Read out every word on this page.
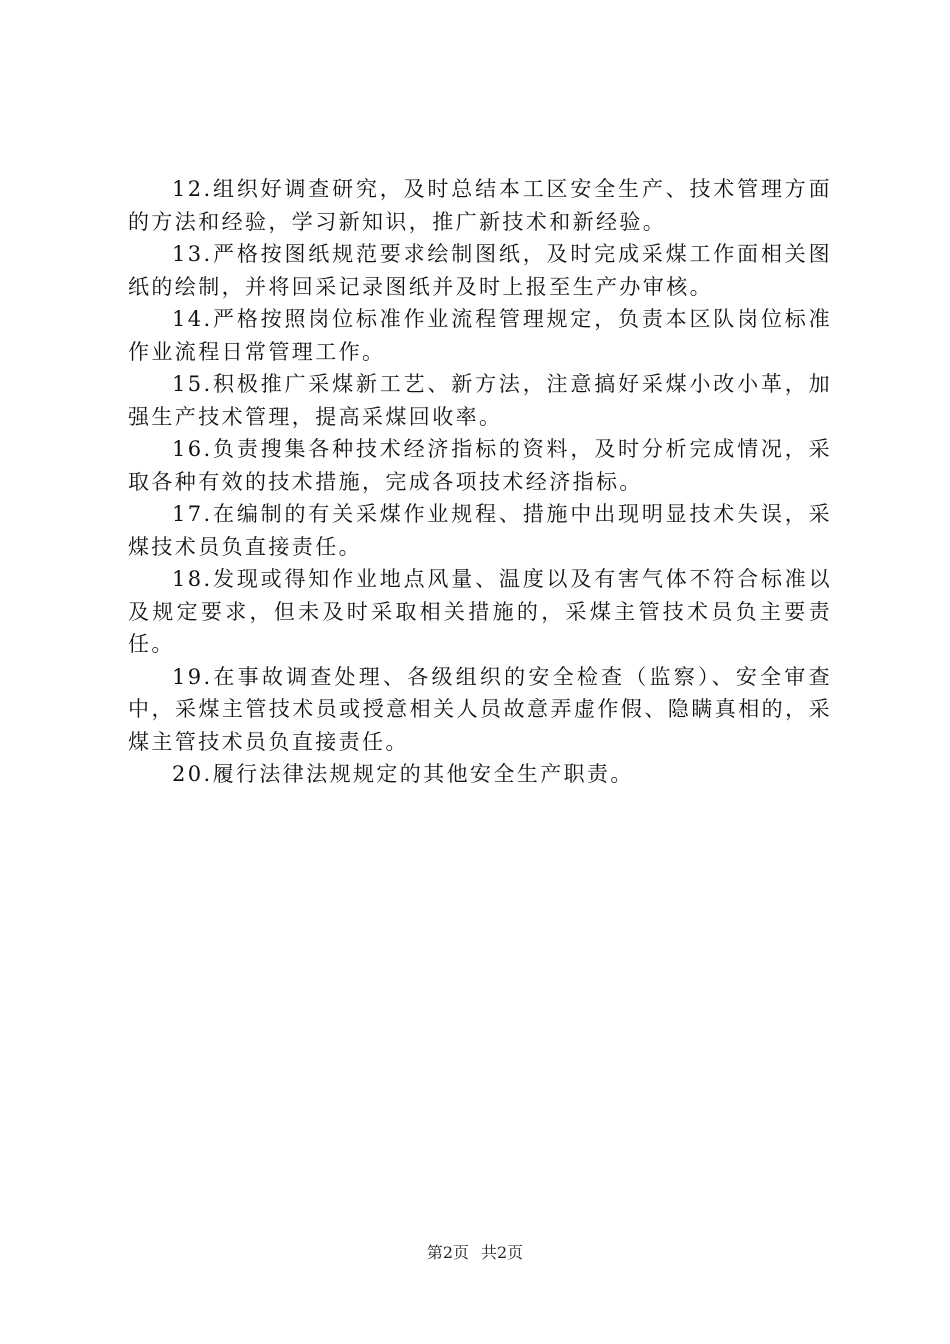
12.组织好调查研究，及时总结本工区安全生产、技术管理方面的方法和经验，学习新知识，推广新技术和新经验。

13.严格按图纸规范要求绘制图纸，及时完成采煤工作面相关图纸的绘制，并将回采记录图纸并及时上报至生产办审核。

14.严格按照岗位标准作业流程管理规定，负责本区队岗位标准作业流程日常管理工作。

15.积极推广采煤新工艺、新方法，注意搞好采煤小改小革，加强生产技术管理，提高采煤回收率。

16.负责搜集各种技术经济指标的资料，及时分析完成情况，采取各种有效的技术措施，完成各项技术经济指标。

17.在编制的有关采煤作业规程、措施中出现明显技术失误，采煤技术员负直接责任。

18.发现或得知作业地点风量、温度以及有害气体不符合标准以及规定要求，但未及时采取相关措施的，采煤主管技术员负主要责任。

19.在事故调查处理、各级组织的安全检查（监察）、安全审查中，采煤主管技术员或授意相关人员故意弄虚作假、隐瞒真相的，采煤主管技术员负直接责任。

20.履行法律法规规定的其他安全生产职责。

第2页 共2页
